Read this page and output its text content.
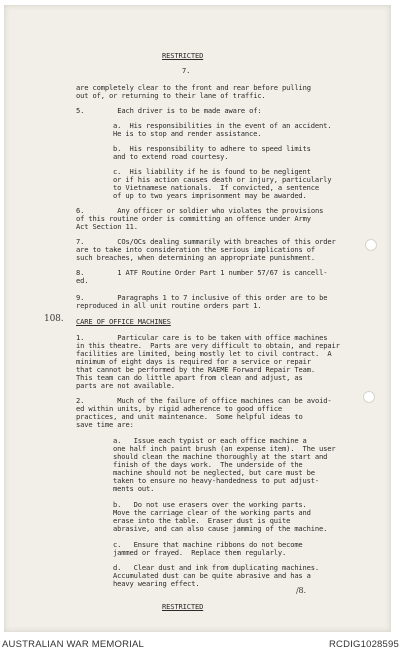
RESTRICTED

7.

are completely clear to the front and rear before pulling

out of, or returning to their lane of traffic.

5.        Each driver is to be made aware of:

a.  His responsibilities in the event of an accident.

He is to stop and render assistance.

b.  His responsibility to adhere to speed limits

and to extend road courtesy.

c.  His liability if he is found to be negligent

or if his action causes death or injury, particularly

to Vietnamese nationals.  If convicted, a sentence

of up to two years imprisonment may be awarded.

6.        Any officer or soldier who violates the provisions

of this routine order is committing an offence under Army

Act Section 11.

7.        COs/OCs dealing summarily with breaches of this order

are to take into consideration the serious implications of

such breaches, when determining an appropriate punishment.

8.        1 ATF Routine Order Part 1 number 57/67 is cancell-

ed.

9.        Paragraphs 1 to 7 inclusive of this order are to be

reproduced in all unit routine orders part 1.

108. CARE OF OFFICE MACHINES

1.        Particular care is to be taken with office machines

in this theatre.  Parts are very difficult to obtain, and repair

facilities are limited, being mostly let to civil contract.  A

minimum of eight days is required for a service or repair

that cannot be performed by the RAEME Forward Repair Team.

This team can do little apart from clean and adjust, as

parts are not available.

2.        Much of the failure of office machines can be avoid-

ed within units, by rigid adherence to good office

practices, and unit maintenance.  Some helpful ideas to

save time are:

a.   Issue each typist or each office machine a

one half inch paint brush (an expense item).  The user

should clean the machine thoroughly at the start and

finish of the days work.  The underside of the

machine should not be neglected, but care must be

taken to ensure no heavy-handedness to put adjust-

ments out.

b.   Do not use erasers over the working parts.

Move the carriage clear of the working parts and

erase into the table.  Eraser dust is quite

abrasive, and can also cause jamming of the machine.

c.   Ensure that machine ribbons do not become

jammed or frayed.  Replace them regularly.

d.   Clear dust and ink from duplicating machines.

Accumulated dust can be quite abrasive and has a

heavy wearing effect.

/8.

RESTRICTED

AUSTRALIAN WAR MEMORIAL	RCDIG1028595
